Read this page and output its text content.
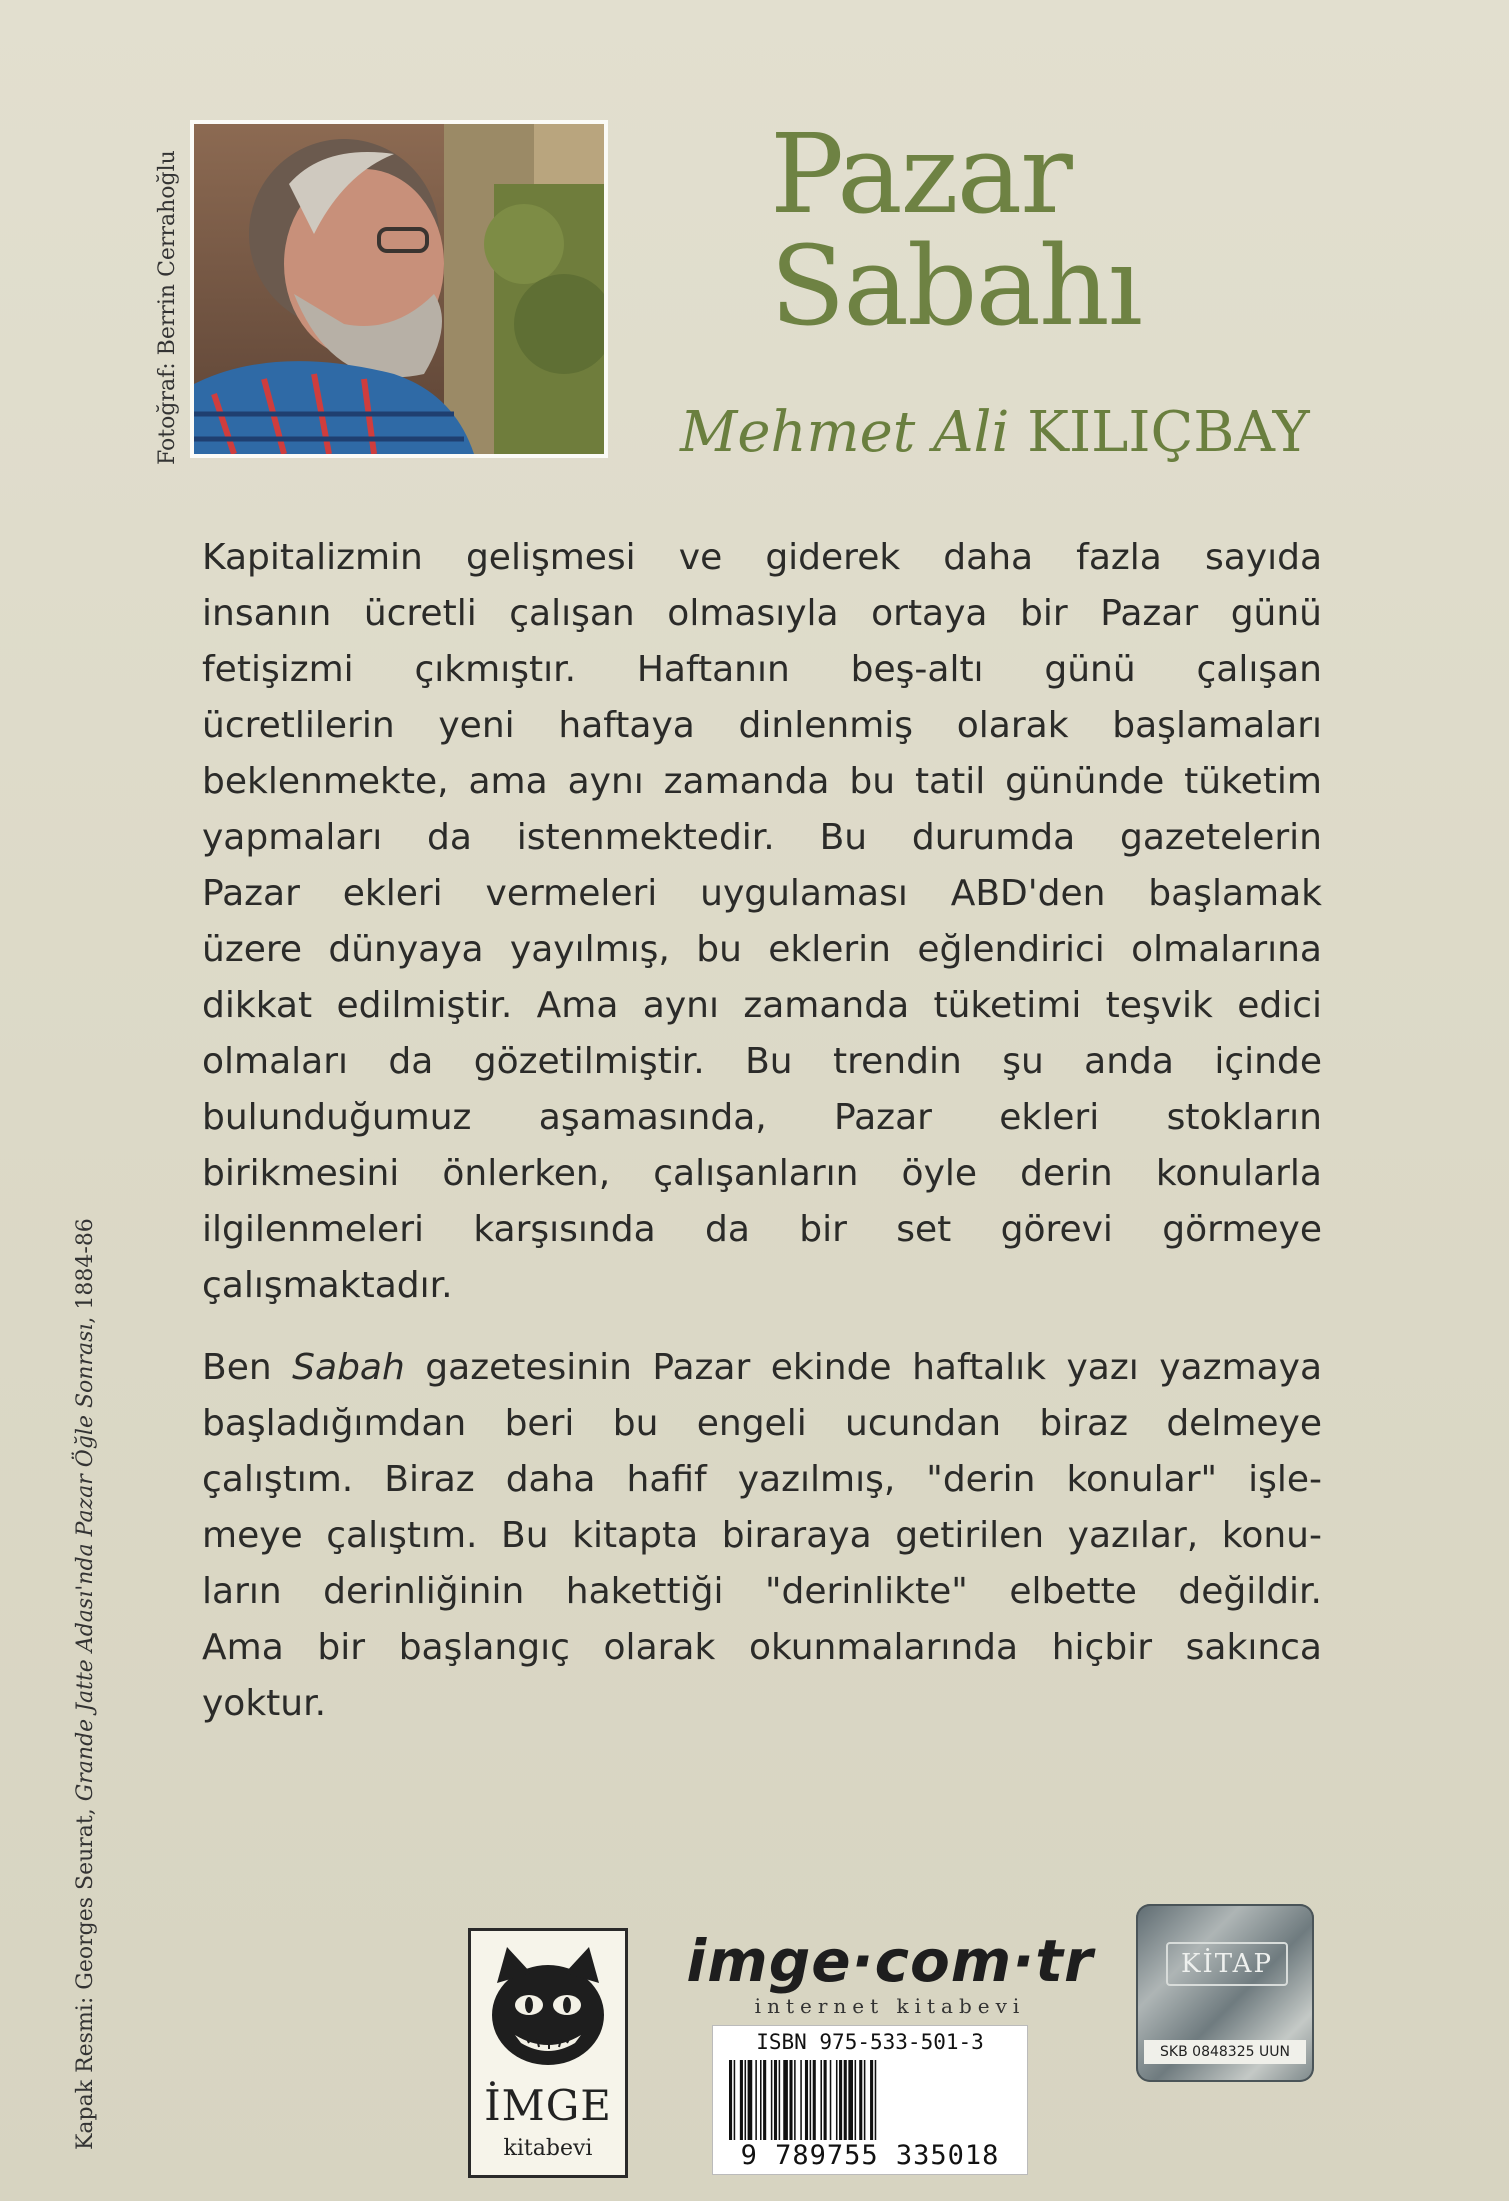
Fotoğraf: Berrin Cerrahoğlu
Kapak Resmi: Georges Seurat, Grande Jatte Adası'nda Pazar Öğle Sonrası, 1884-86
Pazar
Sabahı
Mehmet Ali KILIÇBAY

Kapitalizmin gelişmesi ve giderek daha fazla sayıda
insanın ücretli çalışan olmasıyla ortaya bir Pazar günü
fetişizmi çıkmıştır. Haftanın beş-altı günü çalışan
ücretlilerin yeni haftaya dinlenmiş olarak başlamaları
beklenmekte, ama aynı zamanda bu tatil gününde tüketim
yapmaları da istenmektedir. Bu durumda gazetelerin
Pazar ekleri vermeleri uygulaması ABD'den başlamak
üzere dünyaya yayılmış, bu eklerin eğlendirici olmalarına
dikkat edilmiştir. Ama aynı zamanda tüketimi teşvik edici
olmaları da gözetilmiştir. Bu trendin şu anda içinde
bulunduğumuz aşamasında, Pazar ekleri stokların
birikmesini önlerken, çalışanların öyle derin konularla
ilgilenmeleri karşısında da bir set görevi görmeye
çalışmaktadır.

Ben Sabah gazetesinin Pazar ekinde haftalık yazı yazmaya
başladığımdan beri bu engeli ucundan biraz delmeye
çalıştım. Biraz daha hafif yazılmış, "derin konular" işle-
meye çalıştım. Bu kitapta biraraya getirilen yazılar, konu-
ların derinliğinin hakettiği "derinlikte" elbette değildir.
Ama bir başlangıç olarak okunmalarında hiçbir sakınca
yoktur.

İMGE
kitabevi
imge·com·tr
internet kitabevi
ISBN 975-533-501-3
9 789755 335018
KİTAP
SKB 0848325 UUN
